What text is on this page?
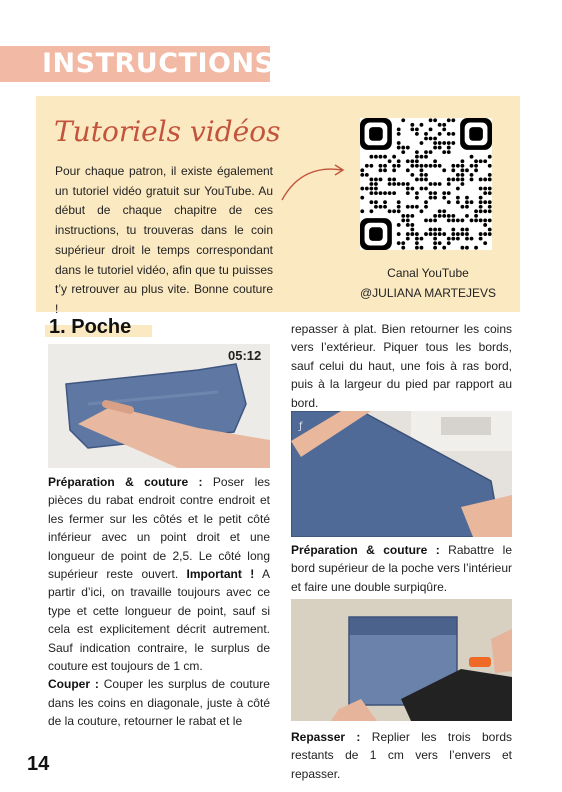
INSTRUCTIONS
Tutoriels vidéos

Pour chaque patron, il existe également un tutoriel vidéo gratuit sur YouTube. Au début de chaque chapitre de ces instructions, tu trouveras dans le coin supérieur droit le temps correspondant dans le tutoriel vidéo, afin que tu puisses t’y retrouver au plus vite. Bonne couture !

Canal YouTube
@JULIANA MARTEJEVS
1. Poche
05:12

Préparation & couture : Poser les pièces du rabat endroit contre endroit et les fermer sur les côtés et le petit côté inférieur avec un point droit et une longueur de point de 2,5. Le côté long supérieur reste ouvert. Important ! A partir d’ici, on travaille toujours avec ce type et cette longueur de point, sauf si cela est explicitement décrit autrement. Sauf indication contraire, le surplus de couture est toujours de 1 cm.

Couper : Couper les surplus de couture dans les coins en diagonale, juste à côté de la couture, retourner le rabat et le

repasser à plat. Bien retourner les coins vers l’extérieur. Piquer tous les bords, sauf celui du haut, une fois à ras bord, puis à la largeur du pied par rapport au bord.

ƒ
Préparation & couture : Rabattre le bord supérieur de la poche vers l’intérieur et faire une double surpiqûre.
Repasser : Replier les trois bords restants de 1 cm vers l’envers et repasser.
14
